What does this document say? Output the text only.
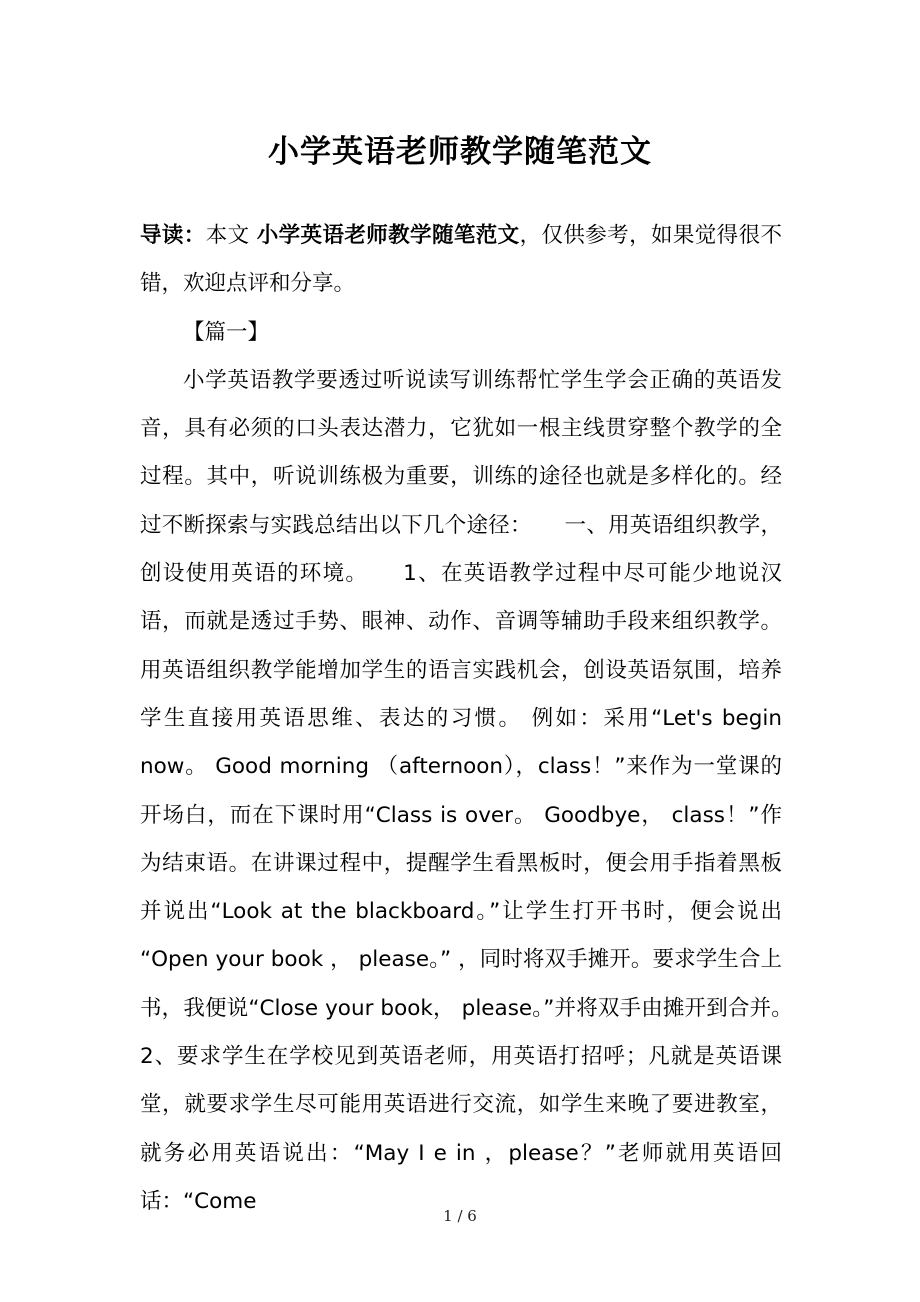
小学英语老师教学随笔范文

导读：本文 小学英语老师教学随笔范文，仅供参考，如果觉得很不错，欢迎点评和分享。

【篇一】

小学英语教学要透过听说读写训练帮忙学生学会正确的英语发音，具有必须的口头表达潜力，它犹如一根主线贯穿整个教学的全过程。其中，听说训练极为重要，训练的途径也就是多样化的。经过不断探索与实践总结出以下几个途径：　　一、用英语组织教学，创设使用英语的环境。　　1、在英语教学过程中尽可能少地说汉语，而就是透过手势、眼神、动作、音调等辅助手段来组织教学。用英语组织教学能增加学生的语言实践机会，创设英语氛围，培养学生直接用英语思维、表达的习惯。 例如：采用“Let's begin now。 Good morning （afternoon），class！”来作为一堂课的开场白，而在下课时用“Class is over。 Goodbye， class！”作为结束语。在讲课过程中，提醒学生看黑板时，便会用手指着黑板并说出“Look at the blackboard。”让学生打开书时，便会说出 “Open your book ， please。” ，同时将双手摊开。要求学生合上书，我便说“Close your book， please。”并将双手由摊开到合并。　　2、要求学生在学校见到英语老师，用英语打招呼；凡就是英语课堂，就要求学生尽可能用英语进行交流，如学生来晚了要进教室，就务必用英语说出：“May I e in ，please？”老师就用英语回话：“Come

1 / 6
